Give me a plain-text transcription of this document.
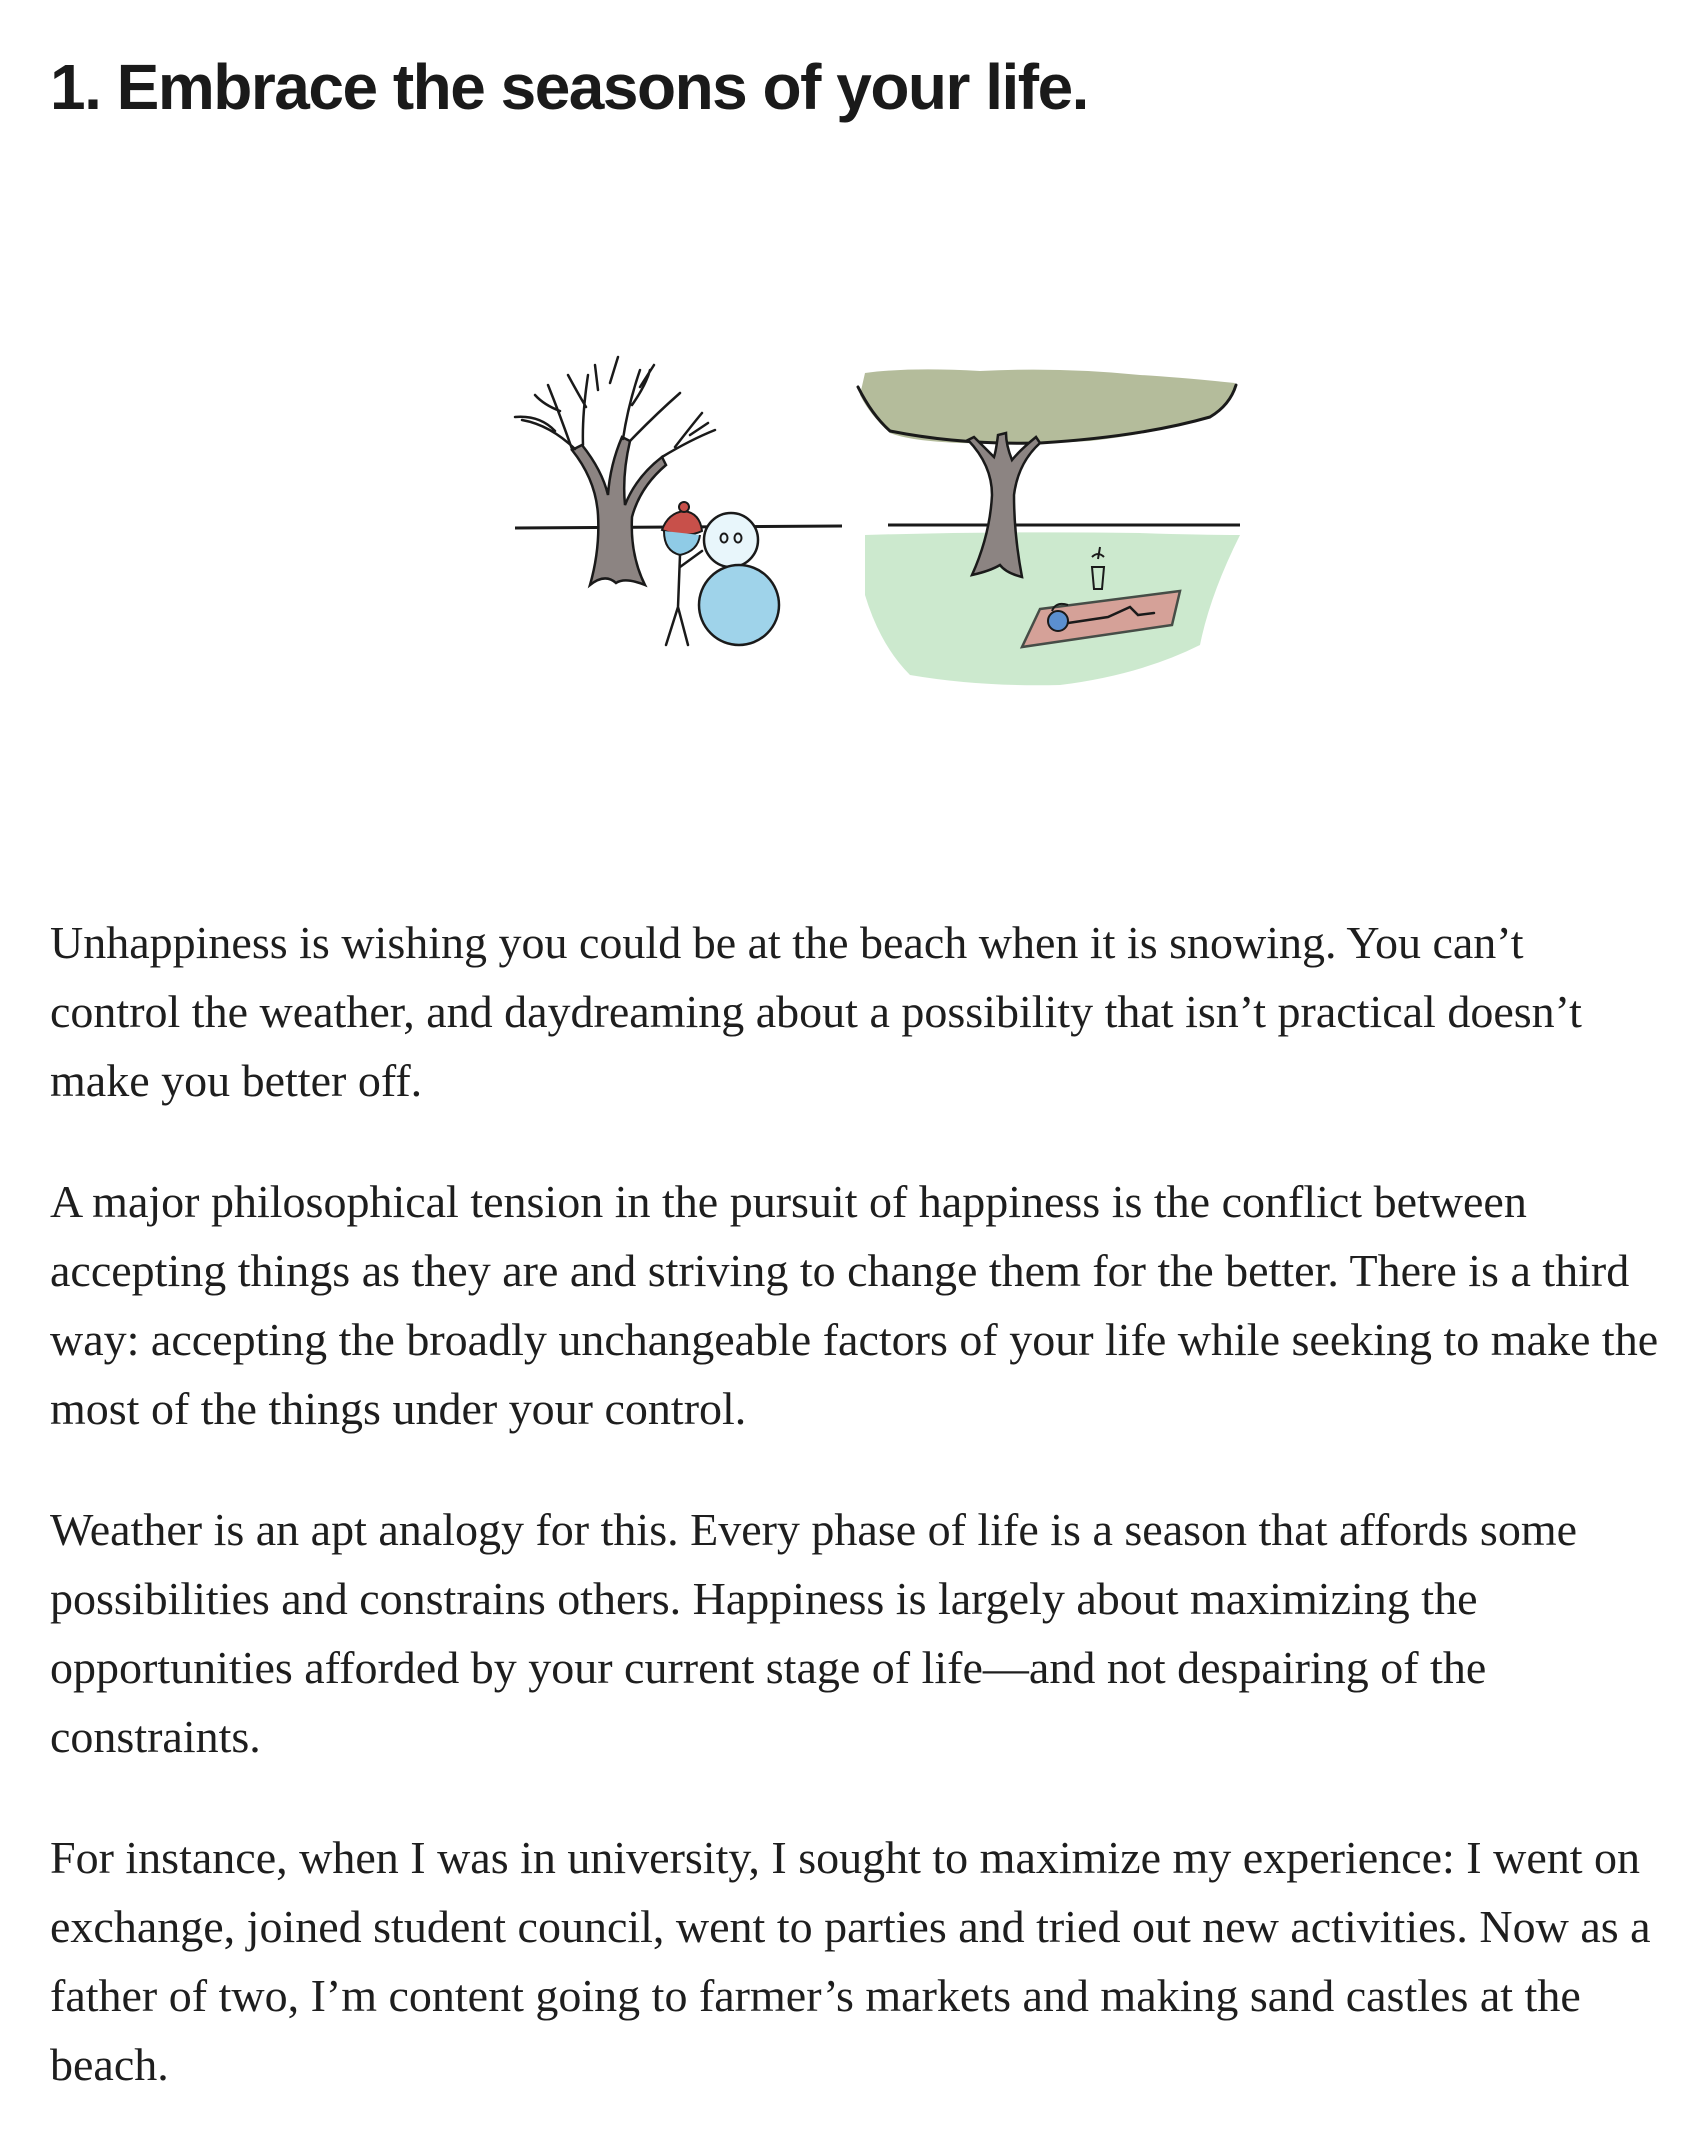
1. Embrace the seasons of your life.

Unhappiness is wishing you could be at the beach when it is snowing. You can’t control the weather, and daydreaming about a possibility that isn’t practical doesn’t make you better off.

A major philosophical tension in the pursuit of happiness is the conflict between accepting things as they are and striving to change them for the better. There is a third way: accepting the broadly unchangeable factors of your life while seeking to make the most of the things under your control.

Weather is an apt analogy for this. Every phase of life is a season that affords some possibilities and constrains others. Happiness is largely about maximizing the opportunities afforded by your current stage of life—and not despairing of the constraints.

For instance, when I was in university, I sought to maximize my experience: I went on exchange, joined student council, went to parties and tried out new activities. Now as a father of two, I’m content going to farmer’s markets and making sand castles at the beach.
